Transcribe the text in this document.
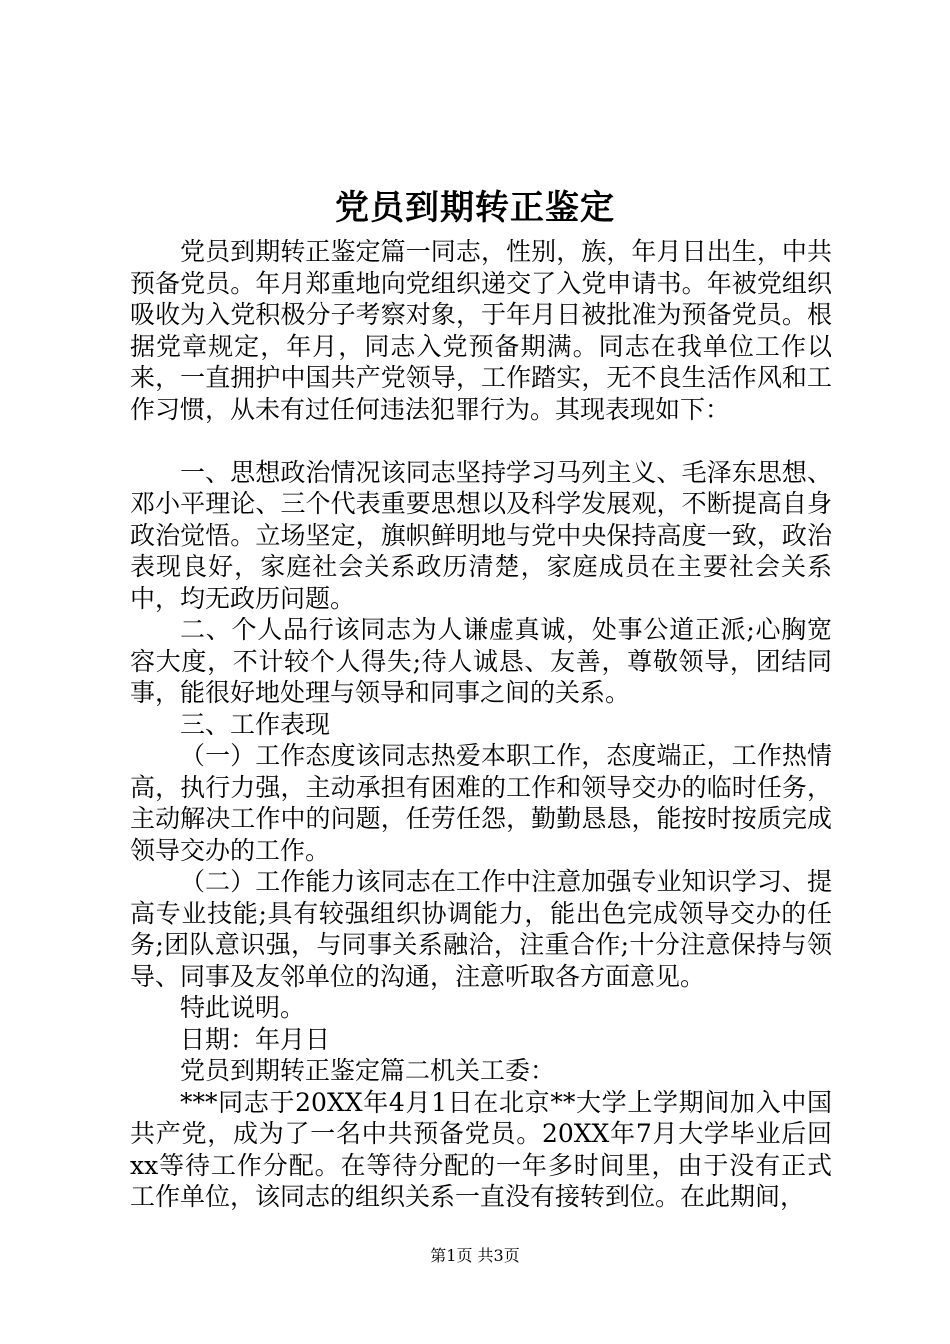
党员到期转正鉴定

党员到期转正鉴定篇一同志，性别，族，年月日出生，中共预备党员。年月郑重地向党组织递交了入党申请书。年被党组织吸收为入党积极分子考察对象，于年月日被批准为预备党员。根据党章规定，年月，同志入党预备期满。同志在我单位工作以来，一直拥护中国共产党领导，工作踏实，无不良生活作风和工作习惯，从未有过任何违法犯罪行为。其现表现如下：

一、思想政治情况该同志坚持学习马列主义、毛泽东思想、邓小平理论、三个代表重要思想以及科学发展观，不断提高自身政治觉悟。立场坚定，旗帜鲜明地与党中央保持高度一致，政治表现良好，家庭社会关系政历清楚，家庭成员在主要社会关系中，均无政历问题。

二、个人品行该同志为人谦虚真诚，处事公道正派;心胸宽容大度，不计较个人得失;待人诚恳、友善，尊敬领导，团结同事，能很好地处理与领导和同事之间的关系。

三、工作表现

（一）工作态度该同志热爱本职工作，态度端正，工作热情高，执行力强，主动承担有困难的工作和领导交办的临时任务，主动解决工作中的问题，任劳任怨，勤勤恳恳，能按时按质完成领导交办的工作。

（二）工作能力该同志在工作中注意加强专业知识学习、提高专业技能;具有较强组织协调能力，能出色完成领导交办的任务;团队意识强，与同事关系融洽，注重合作;十分注意保持与领导、同事及友邻单位的沟通，注意听取各方面意见。

特此说明。

日期：年月日

党员到期转正鉴定篇二机关工委：

***同志于20XX年4月1日在北京**大学上学期间加入中国共产党，成为了一名中共预备党员。20XX年7月大学毕业后回xx等待工作分配。在等待分配的一年多时间里，由于没有正式工作单位，该同志的组织关系一直没有接转到位。在此期间，

第1页 共3页
